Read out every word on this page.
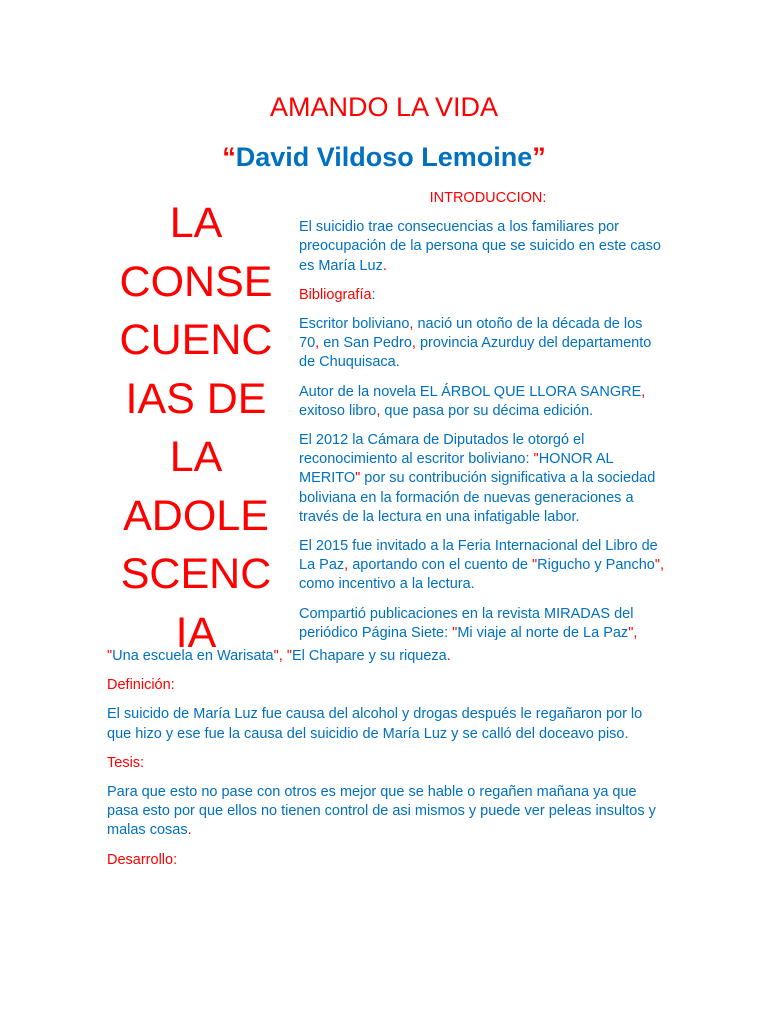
AMANDO LA VIDA
“David Vildoso Lemoine”
LA
CONSE
CUENC
IAS DE
LA
ADOLE
SCENC
IA

INTRODUCCION:

El suicidio trae consecuencias a los familiares por preocupación de la persona que se suicido en este caso es María Luz.

Bibliografía:

Escritor boliviano, nació un otoño de la década de los 70, en San Pedro, provincia Azurduy del departamento de Chuquisaca.

Autor de la novela EL ÁRBOL QUE LLORA SANGRE, exitoso libro, que pasa por su décima edición.

El 2012 la Cámara de Diputados le otorgó el reconocimiento al escritor boliviano: "HONOR AL MERITO" por su contribución significativa a la sociedad boliviana en la formación de nuevas generaciones a través de la lectura en una infatigable labor.

El 2015 fue invitado a la Feria Internacional del Libro de La Paz, aportando con el cuento de "Rigucho y Pancho", como incentivo a la lectura.

Compartió publicaciones en la revista MIRADAS del periódico Página Siete: "Mi viaje al norte de La Paz",

"Una escuela en Warisata", "El Chapare y su riqueza.

Definición:

El suicido de María Luz fue causa del alcohol y drogas después le regañaron por lo que hizo y ese fue la causa del suicidio de María Luz y se calló del doceavo piso.

Tesis:

Para que esto no pase con otros es mejor que se hable o regañen mañana ya que pasa esto por que ellos no tienen control de asi mismos y puede ver peleas insultos y malas cosas.

Desarrollo:
